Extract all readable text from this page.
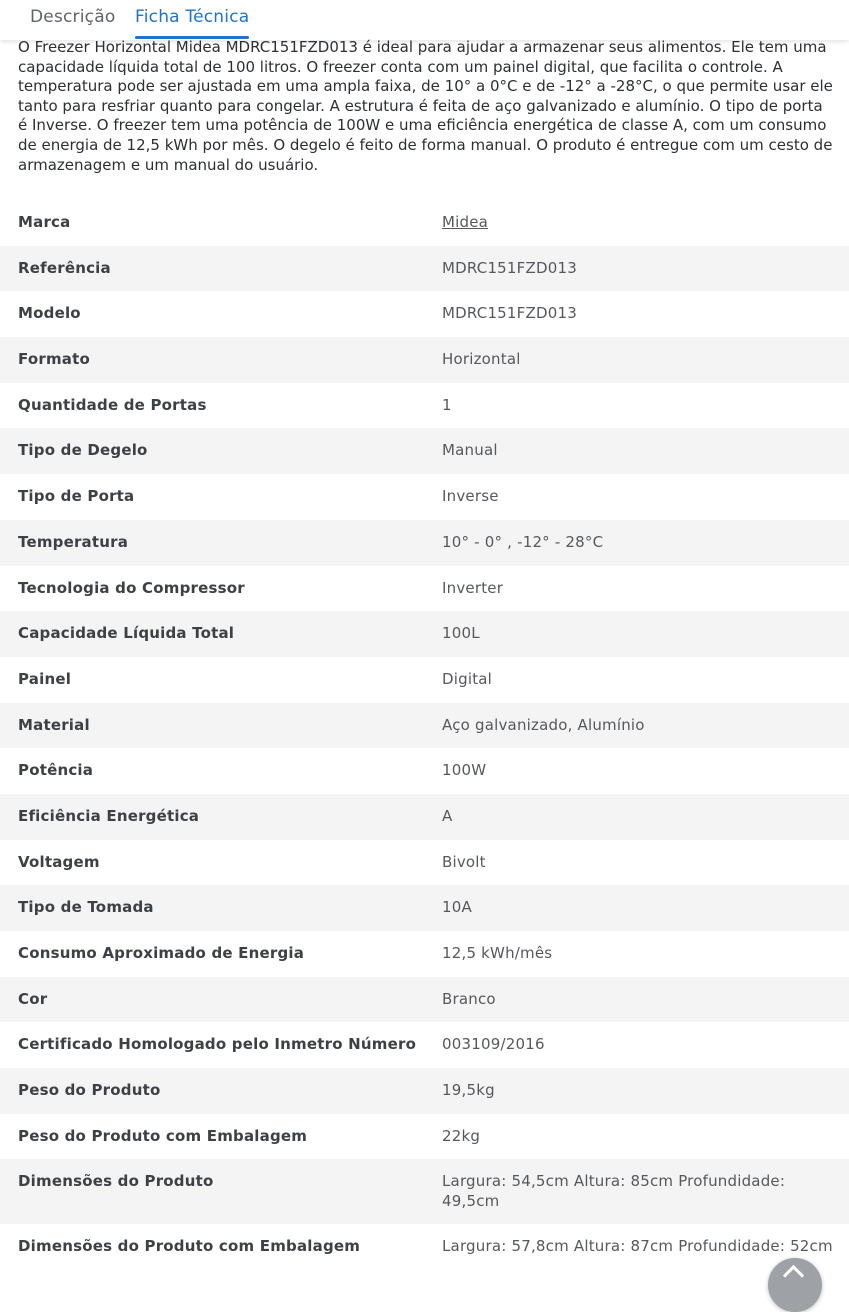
Descrição Ficha Técnica

O Freezer Horizontal Midea MDRC151FZD013 é ideal para ajudar a armazenar seus alimentos. Ele tem uma capacidade líquida total de 100 litros. O freezer conta com um painel digital, que facilita o controle. A temperatura pode ser ajustada em uma ampla faixa, de 10° a 0°C e de -12° a -28°C, o que permite usar ele tanto para resfriar quanto para congelar. A estrutura é feita de aço galvanizado e alumínio. O tipo de porta é Inverse. O freezer tem uma potência de 100W e uma eficiência energética de classe A, com um consumo de energia de 12,5 kWh por mês. O degelo é feito de forma manual. O produto é entregue com um cesto de armazenagem e um manual do usuário.

Marca	Midea
Referência	MDRC151FZD013
Modelo	MDRC151FZD013
Formato	Horizontal
Quantidade de Portas	1
Tipo de Degelo	Manual
Tipo de Porta	Inverse
Temperatura	10° - 0° , -12° - 28°C
Tecnologia do Compressor	Inverter
Capacidade Líquida Total	100L
Painel	Digital
Material	Aço galvanizado, Alumínio
Potência	100W
Eficiência Energética	A
Voltagem	Bivolt
Tipo de Tomada	10A
Consumo Aproximado de Energia	12,5 kWh/mês
Cor	Branco
Certificado Homologado pelo Inmetro Número 003109/2016
Peso do Produto	19,5kg
Peso do Produto com Embalagem	22kg
Dimensões do Produto	Largura: 54,5cm Altura: 85cm Profundidade: 49,5cm
Dimensões do Produto com Embalagem	Largura: 57,8cm Altura: 87cm Profundidade: 52cm
